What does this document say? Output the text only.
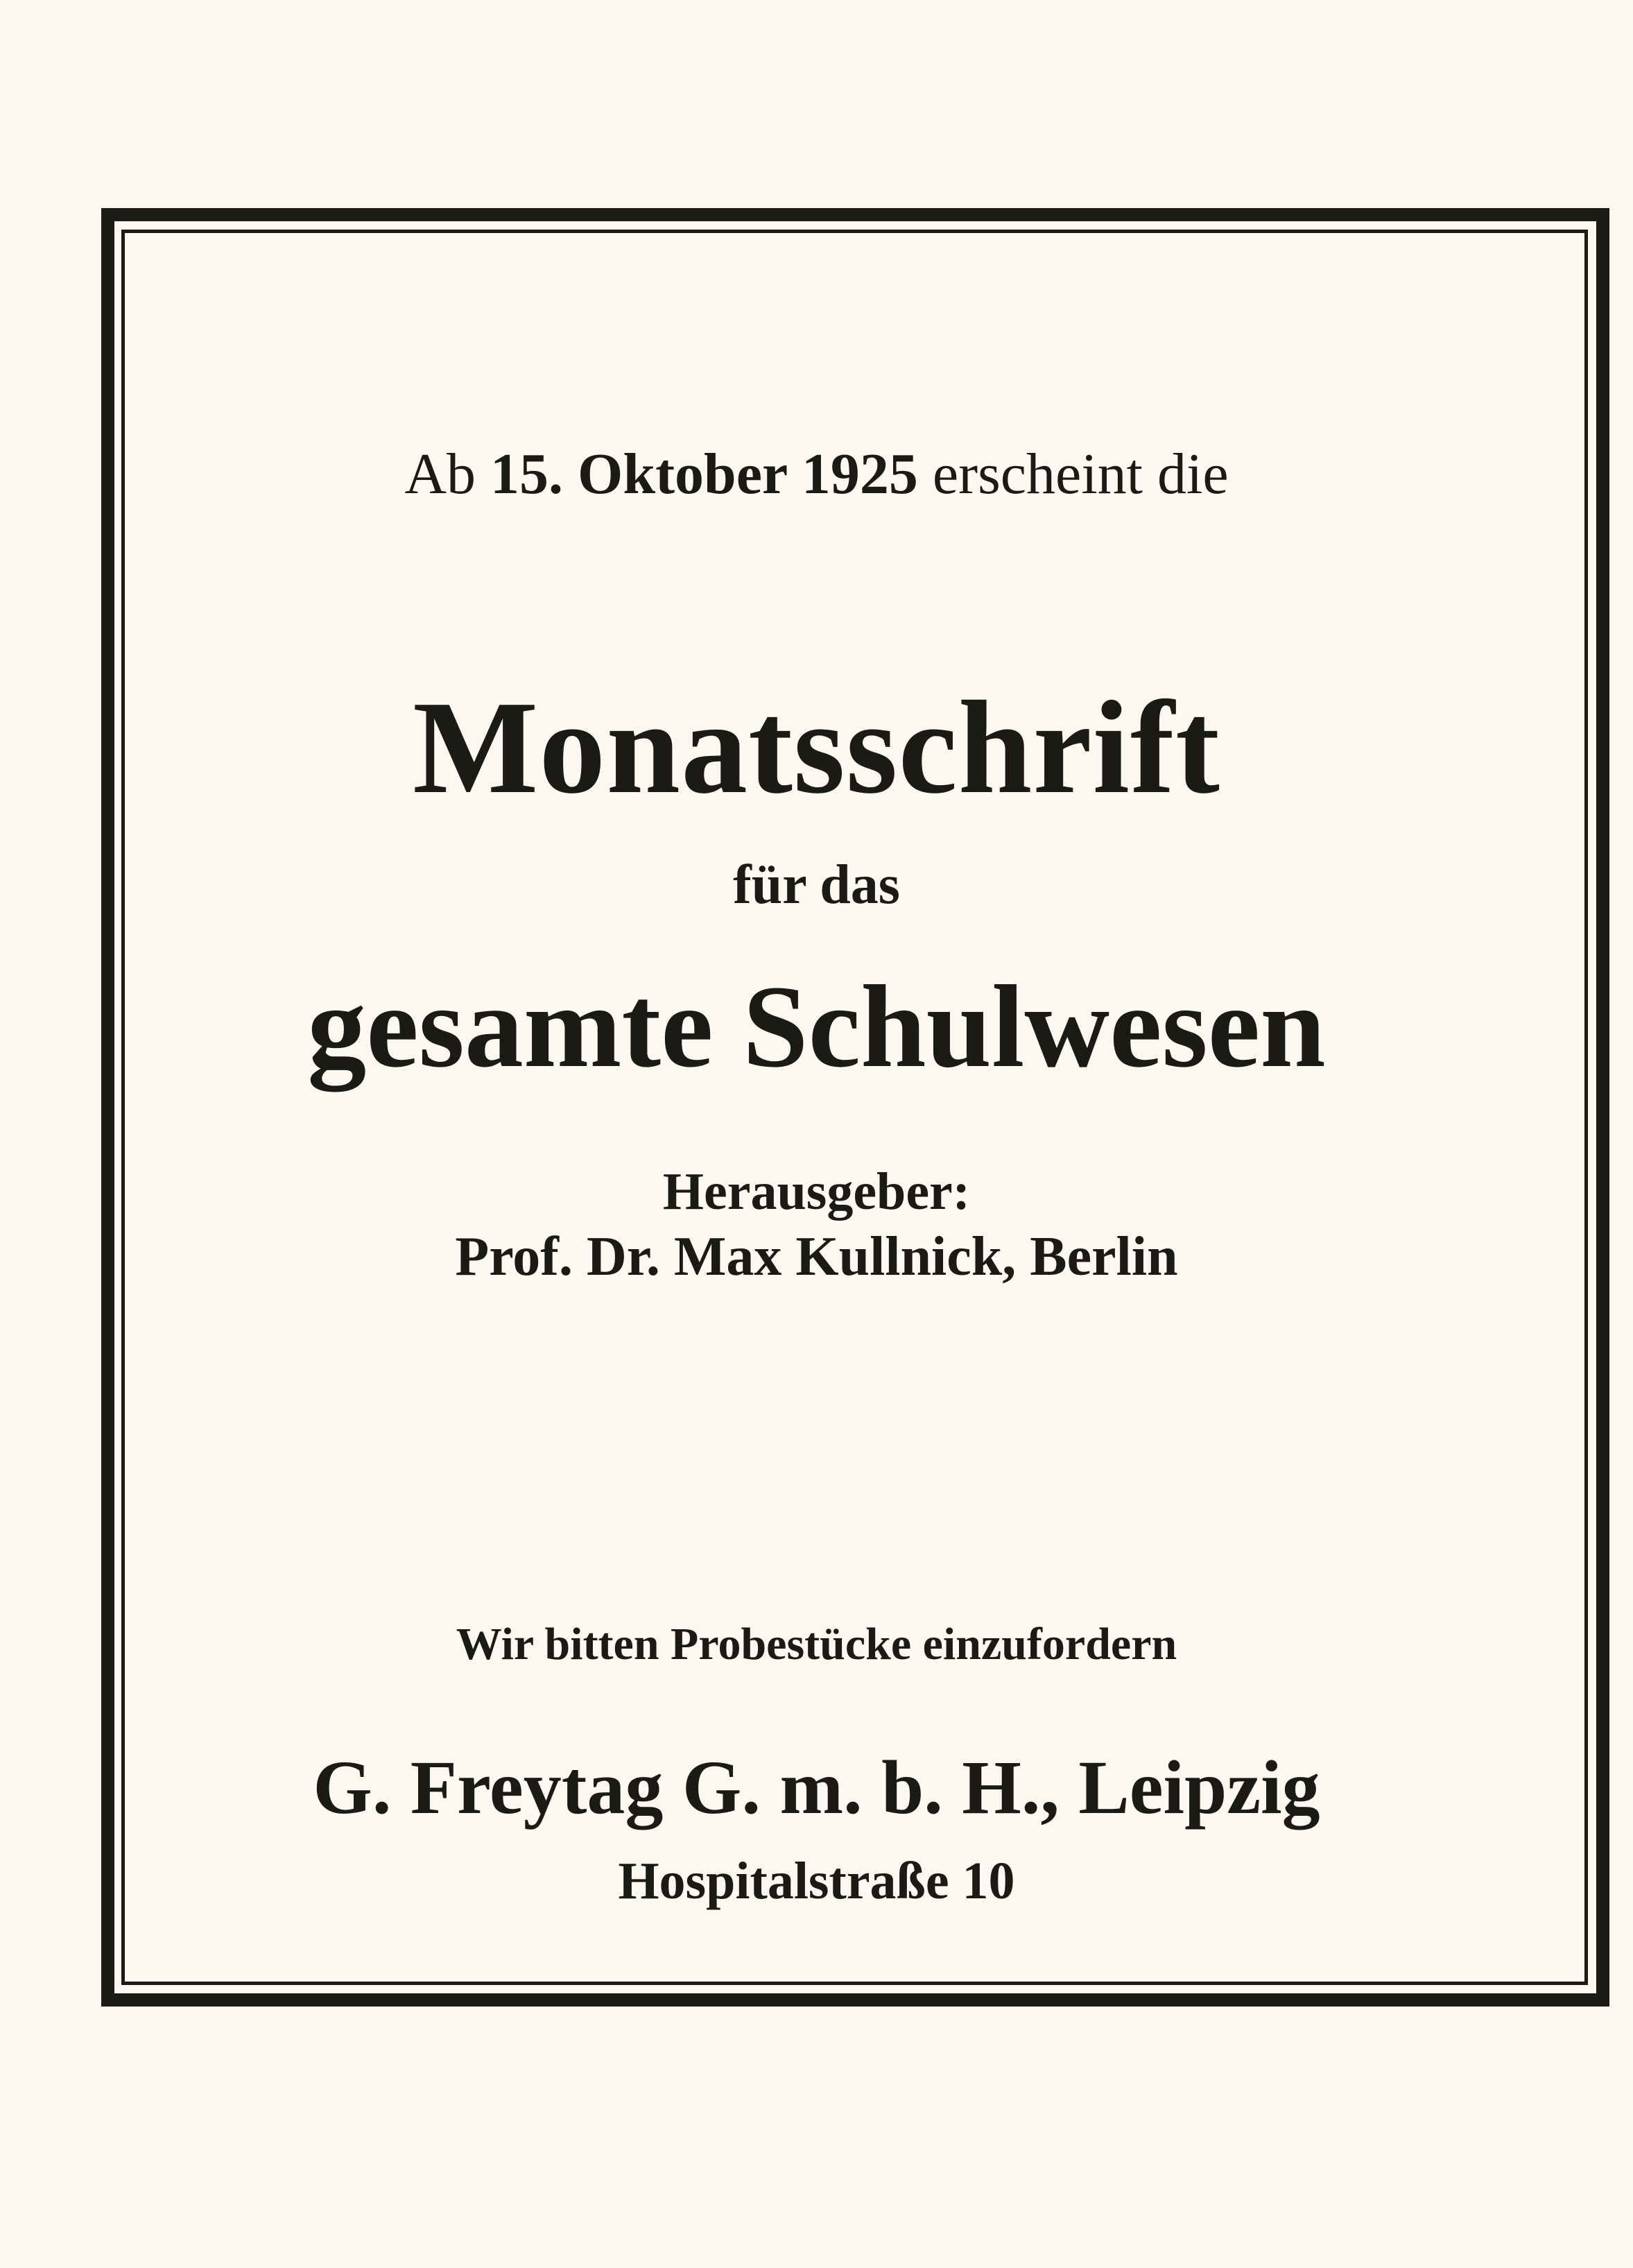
Ab 15. Oktober 1925 erscheint die
Monatsschrift
für das
gesamte Schulwesen
Herausgeber:
Prof. Dr. Max Kullnick, Berlin
Wir bitten Probestücke einzufordern
G. Freytag G. m. b. H., Leipzig
Hospitalstraße 10
